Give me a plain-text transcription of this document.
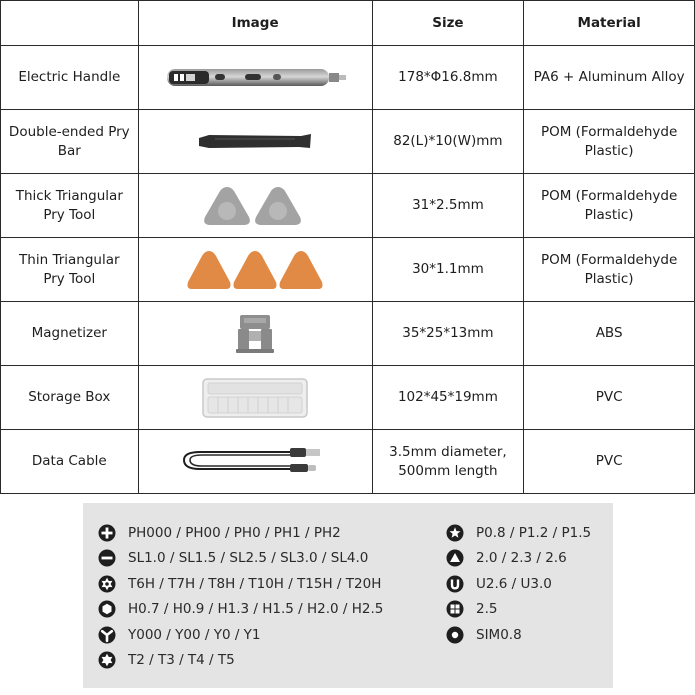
	Image	Size	Material
Electric Handle		178*Φ16.8mm	PA6 + Aluminum Alloy
Double-ended Pry Bar		82(L)*10(W)mm	POM (Formaldehyde Plastic)
Thick Triangular Pry Tool		31*2.5mm	POM (Formaldehyde Plastic)
Thin Triangular Pry Tool		30*1.1mm	POM (Formaldehyde Plastic)
Magnetizer		35*25*13mm	ABS
Storage Box		102*45*19mm	PVC
Data Cable		3.5mm diameter, 500mm length	PVC
PH000 / PH00 / PH0 / PH1 / PH2
SL1.0 / SL1.5 / SL2.5 / SL3.0 / SL4.0
T6H / T7H / T8H / T10H / T15H / T20H
H0.7 / H0.9 / H1.3 / H1.5 / H2.0 / H2.5
Y000 / Y00 / Y0 / Y1
T2 / T3 / T4 / T5
P0.8 / P1.2 / P1.5
2.0 / 2.3 / 2.6
U2.6 / U3.0
2.5
SIM0.8
